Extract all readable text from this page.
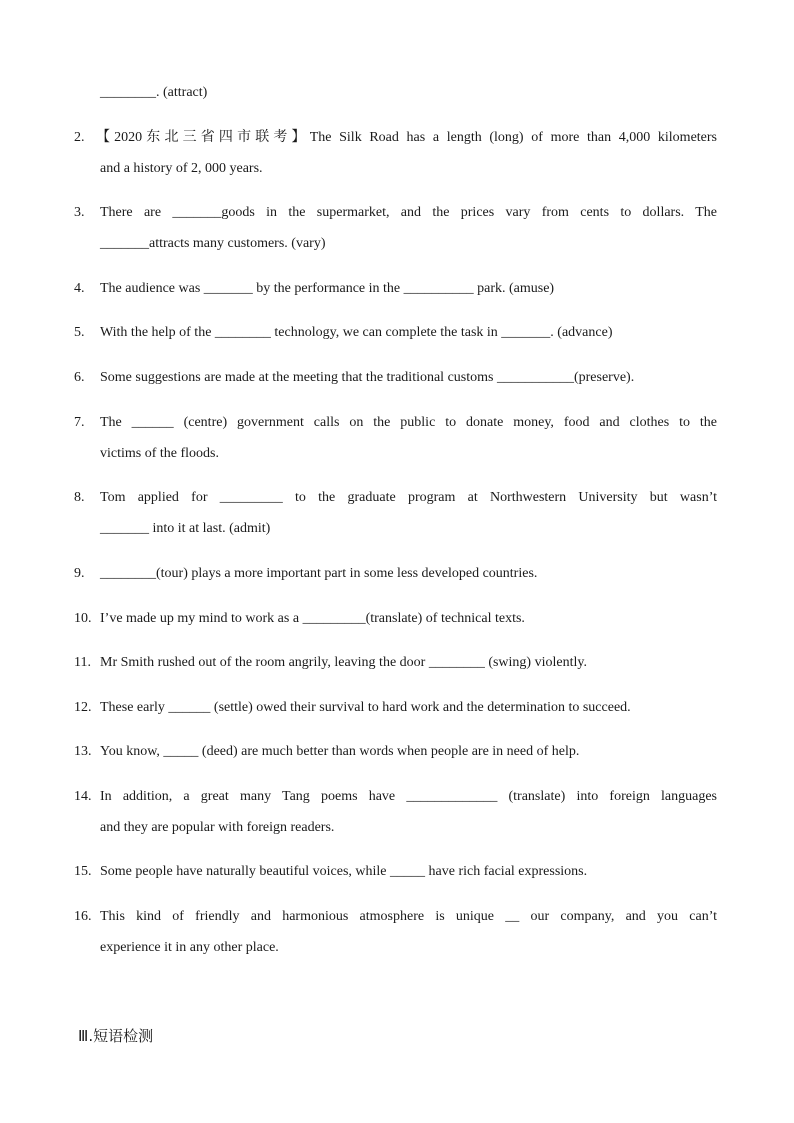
________. (attract)
2. 【2020东北三省四市联考】The Silk Road has a length (long) of more than 4,000 kilometers
and a history of 2, 000 years.
3. There are _______goods in the supermarket, and the prices vary from cents to dollars. The
_______attracts many customers. (vary)
4. The audience was _______ by the performance in the __________ park. (amuse)
5. With the help of the ________ technology, we can complete the task in _______. (advance)
6. Some suggestions are made at the meeting that the traditional customs ___________(preserve).
7. The ______ (centre) government calls on the public to donate money, food and clothes to the
victims of the floods.
8. Tom applied for _________ to the graduate program at Northwestern University but wasn’t
_______ into it at last. (admit)
9. ________(tour) plays a more important part in some less developed countries.
10. I’ve made up my mind to work as a _________(translate) of technical texts.
11. Mr Smith rushed out of the room angrily, leaving the door ________ (swing) violently.
12. These early ______ (settle) owed their survival to hard work and the determination to succeed.
13. You know, _____ (deed) are much better than words when people are in need of help.
14. In addition, a great many Tang poems have _____________ (translate) into foreign languages
and they are popular with foreign readers.
15. Some people have naturally beautiful voices, while _____ have rich facial expressions.
16. This kind of friendly and harmonious atmosphere is unique __ our company, and you can’t
experience it in any other place.
Ⅲ.短语检测
